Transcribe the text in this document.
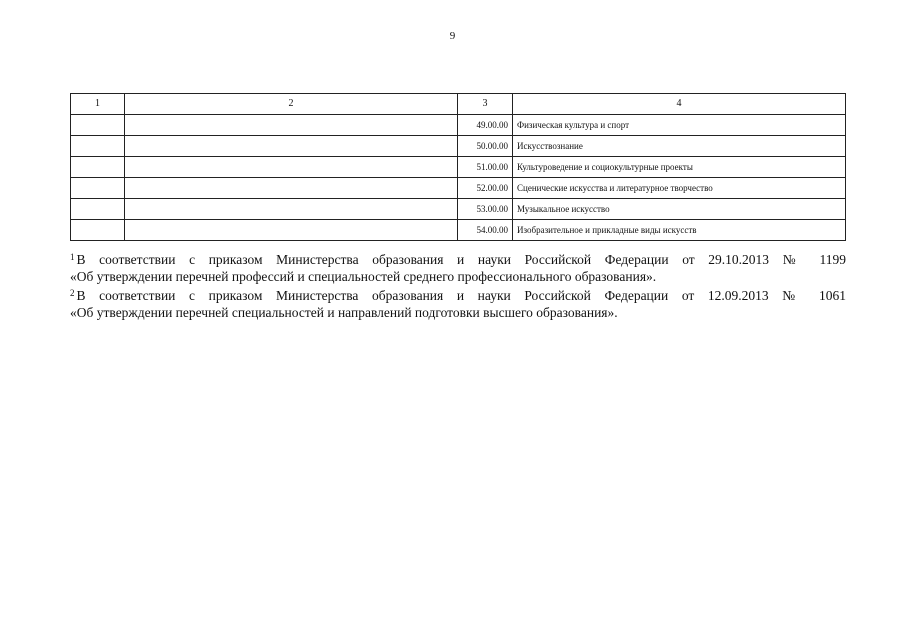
9
1	2	3	4
		49.00.00	Физическая культура и спорт
		50.00.00	Искусствознание
		51.00.00	Культуроведение и социокультурные проекты
		52.00.00	Сценические искусства и литературное творчество
		53.00.00	Музыкальное искусство
		54.00.00	Изобразительное и прикладные виды искусств
$^1$ В соответствии с приказом Министерства образования и науки Российской Федерации от 29.10.2013 № 1199
«Об утверждении перечней профессий и специальностей среднего профессионального образования».
$^2$ В соответствии с приказом Министерства образования и науки Российской Федерации от 12.09.2013 № 1061
«Об утверждении перечней специальностей и направлений подготовки высшего образования».
